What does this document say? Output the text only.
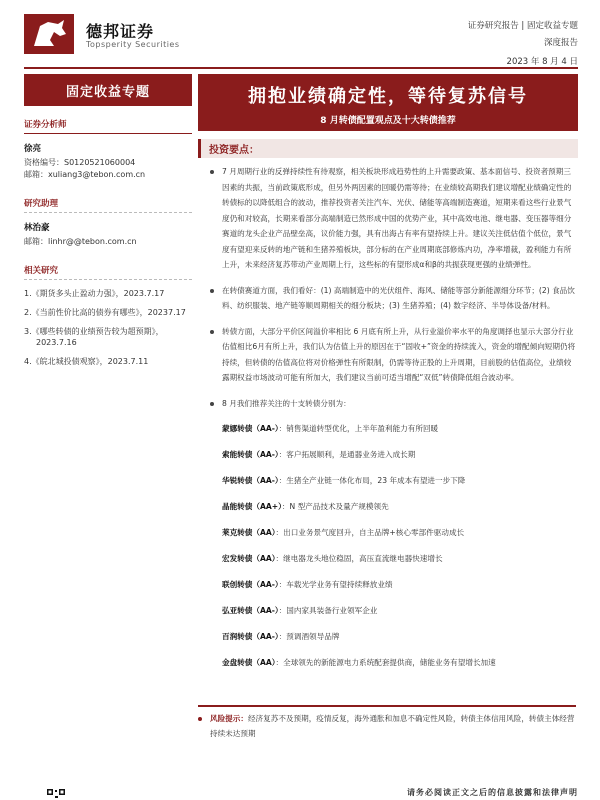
德邦证券
Topsperity Securities
证券研究报告 | 固定收益专题
深度报告
2023 年 8 月 4 日
固定收益专题	拥抱业绩确定性，等待复苏信号
8 月转债配置观点及十大转债推荐
证券分析师
徐亮
资格编号：S0120521060004
邮箱：xuliang3@tebon.com.cn
研究助理
林治豪
邮箱：linhr@@tebon.com.cn
相关研究
1.《期货多头止盈动力强》，2023.7.17
2.《当前性价比高的债券有哪些》，20237.17
3.《哪些转债的业绩预告较为超预期》，2023.7.16
4.《皖北城投债观察》，2023.7.11
投资要点：
7 月周期行业的反弹持续性有待观察，相关板块形成趋势性的上升需要政策、基本面信号、投资者预期三因素的共振，当前政策底形成，但另外两因素的回暖仍需等待；在业绩较高期我们建议增配业绩确定性的转债标的以降低组合的波动，推荐投资者关注汽车、光伏、储能等高端制造赛道，短期来看这些行业景气度仍和对较高，长期来看部分高端制造已然形成中国的优势产业，其中高效电池、继电器、变压器等细分赛道的龙头企业产品壁垒高，议价能力强，具有出海占有率有望持续上升。建议关注低估值个低位，景气度有望迎来反转的地产链和生猪养殖板块，部分标的在产业周期底部修炼内功，净率增裁，盈利能力有所上升，未来经济复苏带动产业周期上行，这些标的有望形成α和β的共振获现更强的业绩弹性。
在转债赛道方面，我们看好：(1) 高端制造中的光伏组件、海风、储能等部分新能源细分环节；(2) 食品饮料、纺织服装、地产链等顺周期相关的细分板块；(3) 生猪养殖；(4) 数字经济、半导体设备/材料。
转债方面，大部分平价区间溢价率相比 6 月底有所上升，从行业溢价率水平的角度调择也显示大部分行业估值相比6月有所上升，我们认为估值上升的原因在于“固收+”资金的持续流入，资金的增配倾向短期仍将持续，但转债的估值高位将对价格弹性有所限制，仍需等待正股的上升周期，目前股的估值高位，业绩较露期权益市场波动可能有所加大，我们建议当前可适当增配“双低”转债降低组合波动率。
8 月我们推荐关注的十支转债分别为：
蒙娜转债（AA-）：销售渠道转型优化，上半年盈利能力有所回暖
索能转债（AA-）：客户拓展顺利，是通器业务进入成长期
华锐转债（AA-）：生猪全产业链一体化布局，23 年成本有望进一步下降
晶能转债（AA+）：N 型产品技术及量产规模领先
莱克转债（AA）：出口业务景气度回升，自主品牌+核心零部件驱动成长
宏发转债（AA）：继电器龙头地位稳固，高压直流继电器快速增长
联创转债（AA-）：车载光学业务有望持续释放业绩
弘亚转债（AA-）：国内家具装备行业领军企业
百润转债（AA-）：预调酒领导品牌
金盘转债（AA）：全球领先的新能源电力系统配套提供商，储能业务有望增长加速
风险提示：经济复苏不及预期，疫情反复，海外通胀和加息不确定性风险，转债主体信用风险，转债主体经营持续未达预期
请务必阅读正文之后的信息披露和法律声明
